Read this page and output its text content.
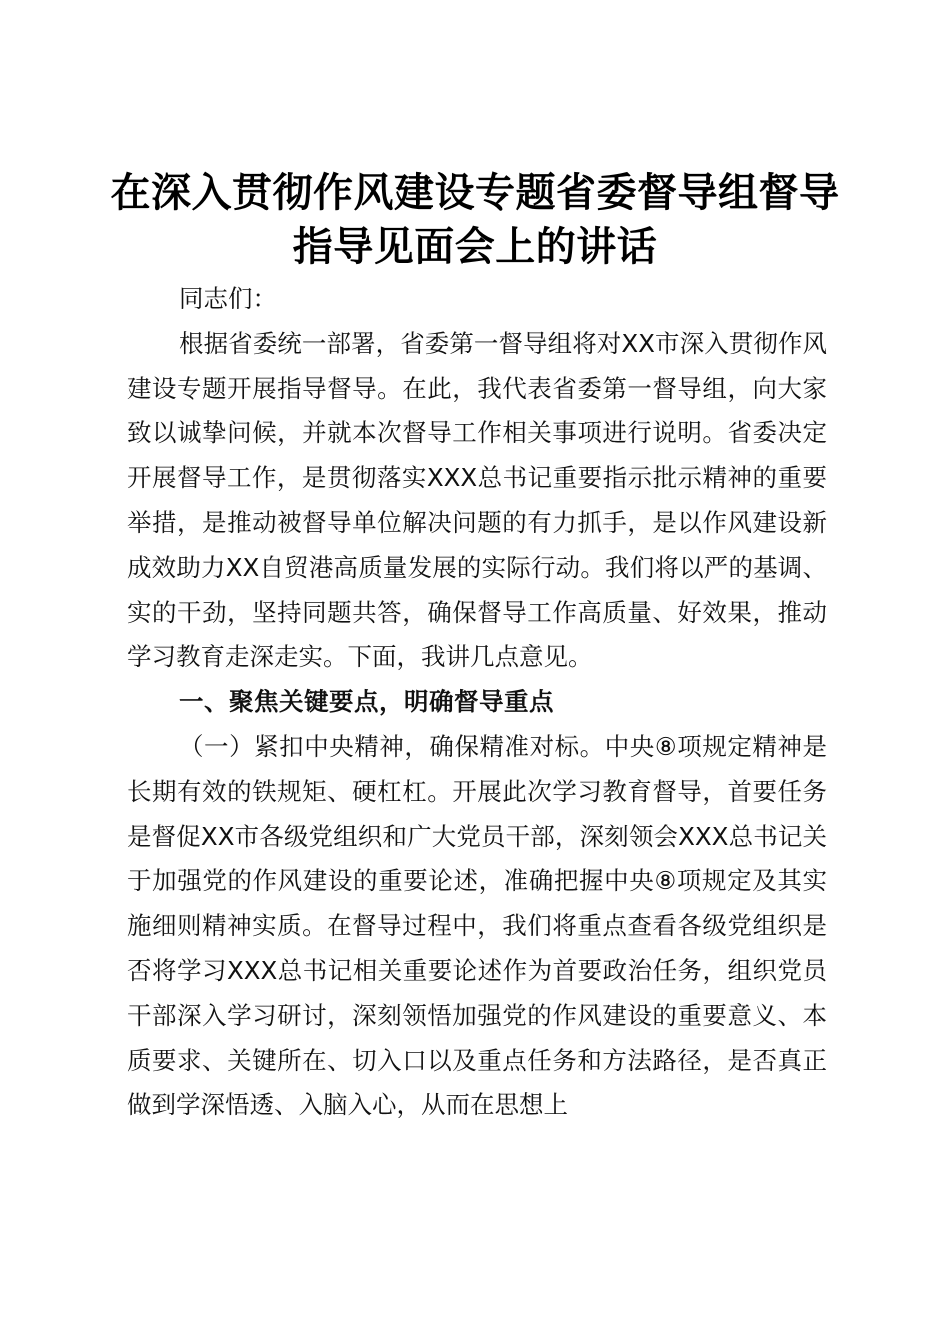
在深入贯彻作风建设专题省委督导组督导指导见面会上的讲话

同志们：

根据省委统一部署，省委第一督导组将对XX市深入贯彻作风建设专题开展指导督导。在此，我代表省委第一督导组，向大家致以诚挚问候，并就本次督导工作相关事项进行说明。省委决定开展督导工作，是贯彻落实XXX总书记重要指示批示精神的重要举措，是推动被督导单位解决问题的有力抓手，是以作风建设新成效助力XX自贸港高质量发展的实际行动。我们将以严的基调、实的干劲，坚持同题共答，确保督导工作高质量、好效果，推动学习教育走深走实。下面，我讲几点意见。

一、聚焦关键要点，明确督导重点

（一）紧扣中央精神，确保精准对标。中央⑧项规定精神是长期有效的铁规矩、硬杠杠。开展此次学习教育督导，首要任务是督促XX市各级党组织和广大党员干部，深刻领会XXX总书记关于加强党的作风建设的重要论述，准确把握中央⑧项规定及其实施细则精神实质。在督导过程中，我们将重点查看各级党组织是否将学习XXX总书记相关重要论述作为首要政治任务，组织党员干部深入学习研讨，深刻领悟加强党的作风建设的重要意义、本质要求、关键所在、切入口以及重点任务和方法路径，是否真正做到学深悟透、入脑入心，从而在思想上
